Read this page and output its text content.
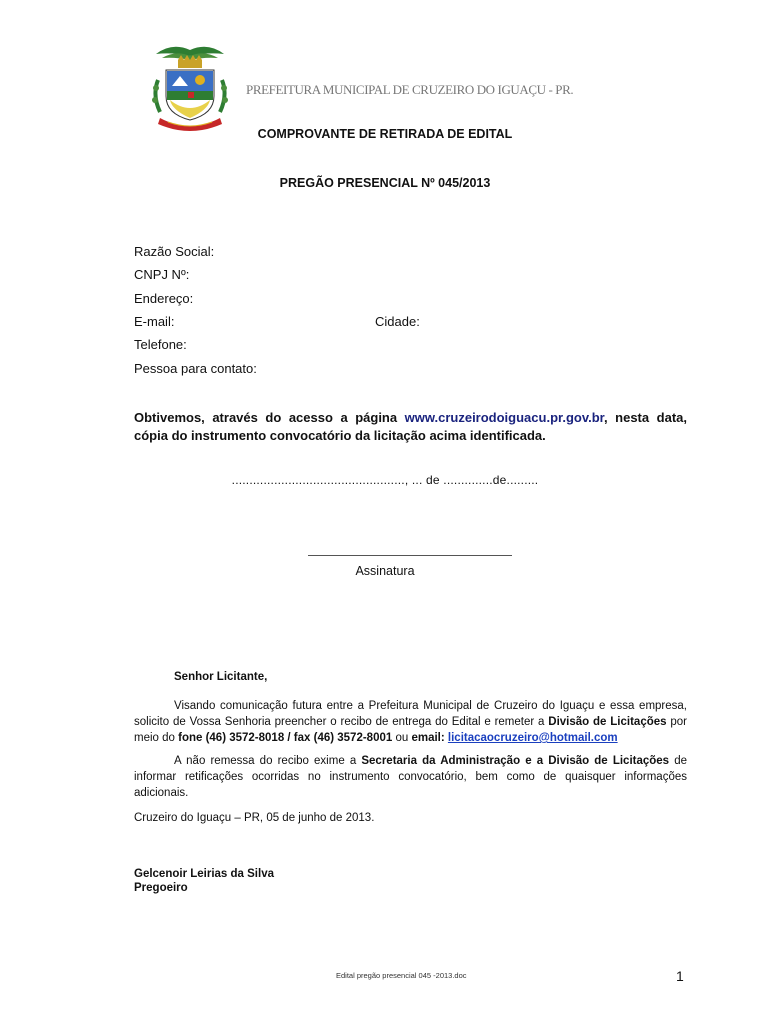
PREFEITURA MUNICIPAL DE CRUZEIRO DO IGUAÇU - PR.
COMPROVANTE DE RETIRADA DE EDITAL
PREGÃO PRESENCIAL Nº 045/2013
Razão Social:
CNPJ Nº:
Endereço:
E-mail:	Cidade:
Telefone:
Pessoa para contato:
Obtivemos, através do acesso a página www.cruzeirodoiguacu.pr.gov.br, nesta data, cópia do instrumento convocatório da licitação acima identificada.
................................................., ... de ..............de.........
Assinatura
Senhor Licitante,
Visando comunicação futura entre a Prefeitura Municipal de Cruzeiro do Iguaçu e essa empresa, solicito de Vossa Senhoria preencher o recibo de entrega do Edital e remeter a Divisão de Licitações por meio do fone (46) 3572-8018 / fax (46) 3572-8001 ou email: licitacaocruzeiro@hotmail.com
A não remessa do recibo exime a Secretaria da Administração e a Divisão de Licitações de informar retificações ocorridas no instrumento convocatório, bem como de quaisquer informações adicionais.
Cruzeiro do Iguaçu – PR, 05 de junho de 2013.
Gelcenoir Leirias da Silva
Pregoeiro
Edital pregão presencial 045 -2013.doc	1
